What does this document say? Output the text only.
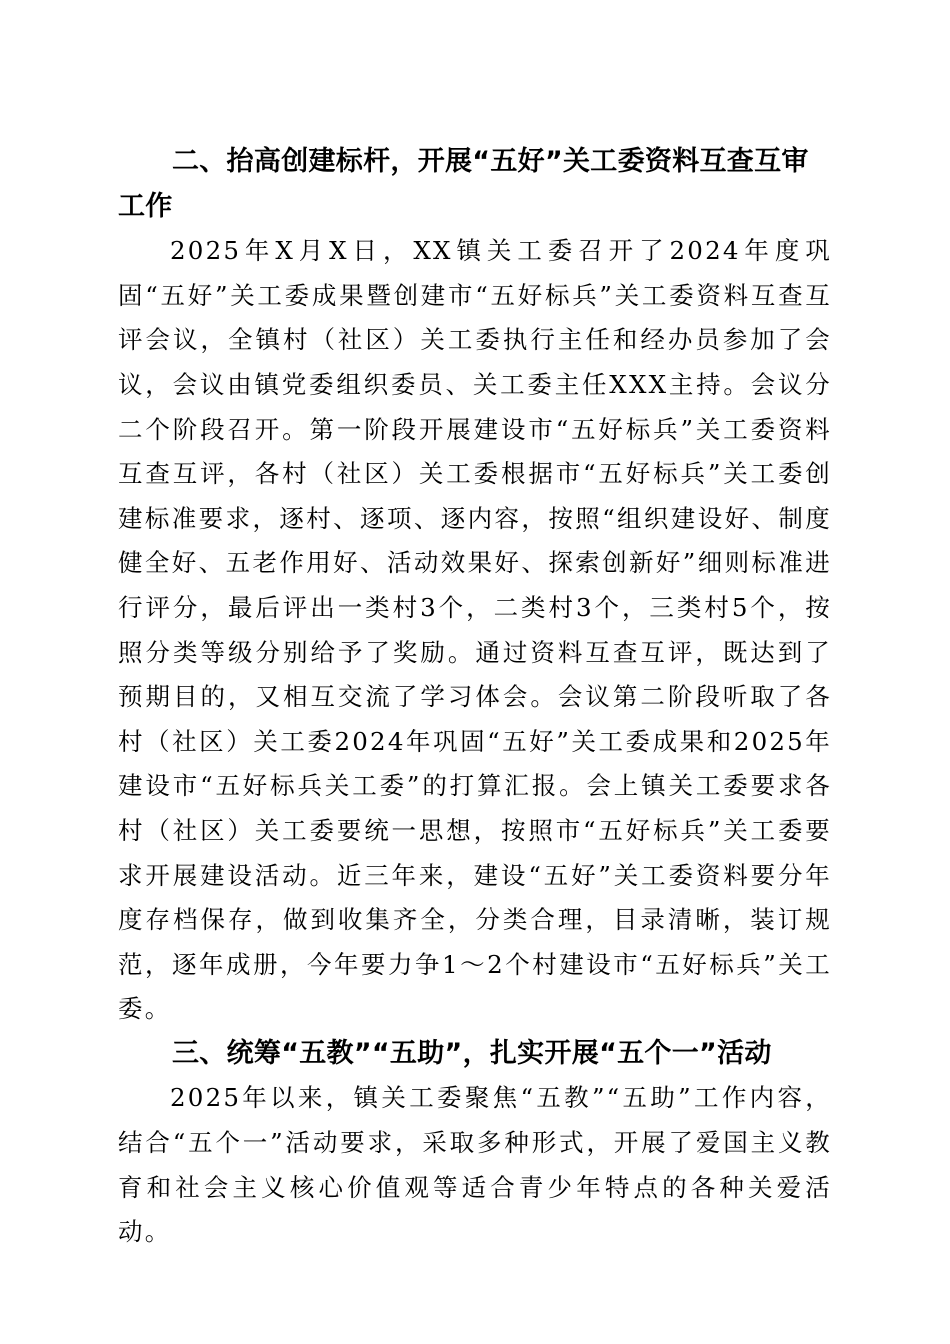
二、抬高创建标杆，开展“五好”关工委资料互查互审工作

2025年X月X日，XX镇关工委召开了2024年度巩固“五好”关工委成果暨创建市“五好标兵”关工委资料互查互评会议，全镇村（社区）关工委执行主任和经办员参加了会议，会议由镇党委组织委员、关工委主任XXX主持。会议分二个阶段召开。第一阶段开展建设市“五好标兵”关工委资料互查互评，各村（社区）关工委根据市“五好标兵”关工委创建标准要求，逐村、逐项、逐内容，按照“组织建设好、制度健全好、五老作用好、活动效果好、探索创新好”细则标准进行评分，最后评出一类村3个，二类村3个，三类村5个，按照分类等级分别给予了奖励。通过资料互查互评，既达到了预期目的，又相互交流了学习体会。会议第二阶段听取了各村（社区）关工委2024年巩固“五好”关工委成果和2025年建设市“五好标兵关工委”的打算汇报。会上镇关工委要求各村（社区）关工委要统一思想，按照市“五好标兵”关工委要求开展建设活动。近三年来，建设“五好”关工委资料要分年度存档保存，做到收集齐全，分类合理，目录清晰，装订规范，逐年成册，今年要力争1～2个村建设市“五好标兵”关工委。

三、统筹“五教”“五助”，扎实开展“五个一”活动

2025年以来，镇关工委聚焦“五教”“五助”工作内容，结合“五个一”活动要求，采取多种形式，开展了爱国主义教育和社会主义核心价值观等适合青少年特点的各种关爱活动。
